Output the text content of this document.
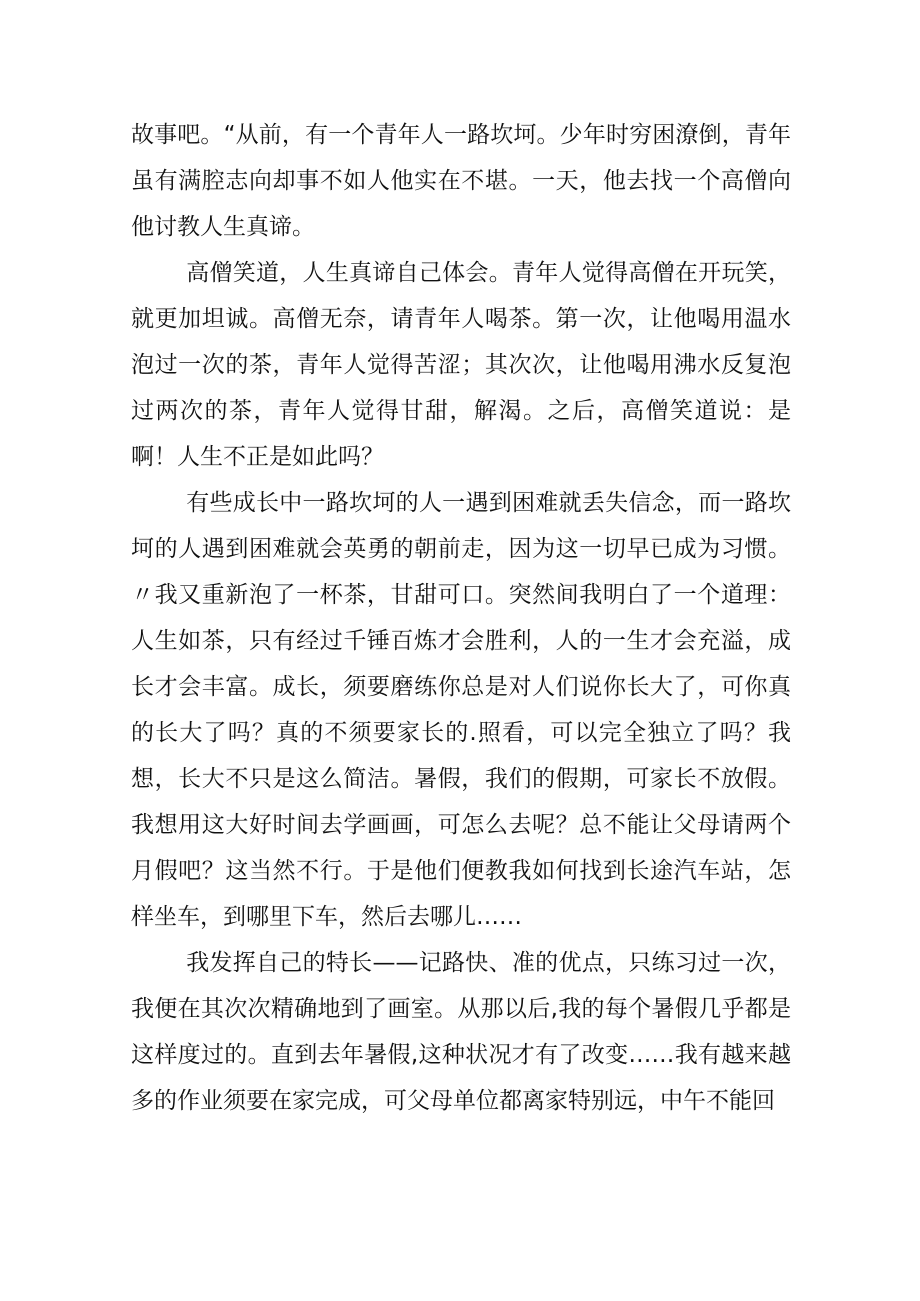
故事吧。“从前，有一个青年人一路坎坷。少年时穷困潦倒，青年虽有满腔志向却事不如人他实在不堪。一天，他去找一个高僧向他讨教人生真谛。

高僧笑道，人生真谛自己体会。青年人觉得高僧在开玩笑，就更加坦诚。高僧无奈，请青年人喝茶。第一次，让他喝用温水泡过一次的茶，青年人觉得苦涩；其次次，让他喝用沸水反复泡过两次的茶，青年人觉得甘甜，解渴。之后，高僧笑道说：是啊！人生不正是如此吗？

有些成长中一路坎坷的人一遇到困难就丢失信念，而一路坎坷的人遇到困难就会英勇的朝前走，因为这一切早已成为习惯。〃我又重新泡了一杯茶，甘甜可口。突然间我明白了一个道理：人生如茶，只有经过千锤百炼才会胜利，人的一生才会充溢，成长才会丰富。成长，须要磨练你总是对人们说你长大了，可你真的长大了吗？真的不须要家长的.照看，可以完全独立了吗？我想，长大不只是这么简洁。暑假，我们的假期，可家长不放假。我想用这大好时间去学画画，可怎么去呢？总不能让父母请两个月假吧？这当然不行。于是他们便教我如何找到长途汽车站，怎样坐车，到哪里下车，然后去哪儿……

我发挥自己的特长——记路快、准的优点，只练习过一次，我便在其次次精确地到了画室。从那以后,我的每个暑假几乎都是这样度过的。直到去年暑假,这种状况才有了改变……我有越来越多的作业须要在家完成，可父母单位都离家特别远，中午不能回
